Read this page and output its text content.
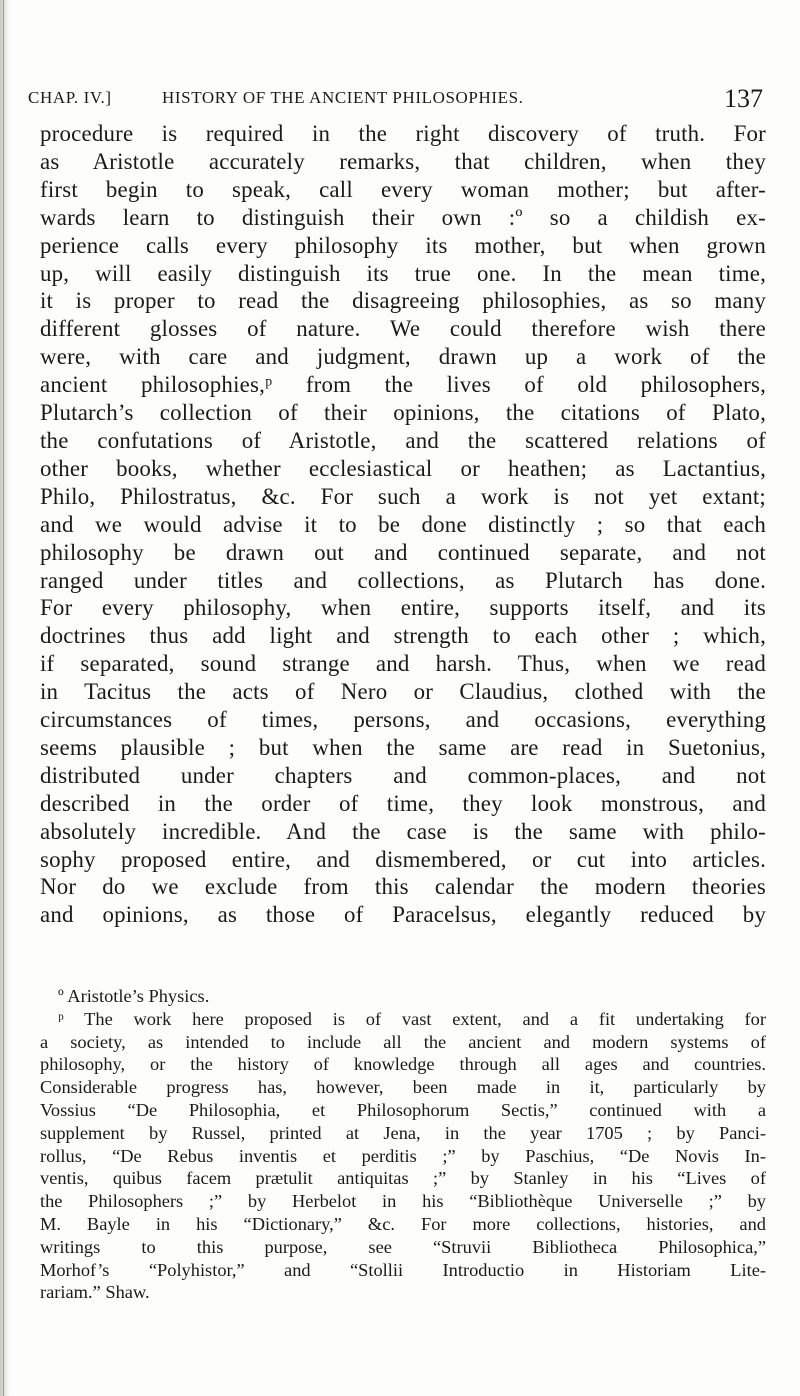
CHAP. IV.]	HISTORY OF THE ANCIENT PHILOSOPHIES.	137
procedure is required in the right discovery of truth. For
as Aristotle accurately remarks, that children, when they
first begin to speak, call every woman mother; but after-
wards learn to distinguish their own :º so a childish ex-
perience calls every philosophy its mother, but when grown
up, will easily distinguish its true one. In the mean time,
it is proper to read the disagreeing philosophies, as so many
different glosses of nature. We could therefore wish there
were, with care and judgment, drawn up a work of the
ancient philosophies,ᵖ from the lives of old philosophers,
Plutarch’s collection of their opinions, the citations of Plato,
the confutations of Aristotle, and the scattered relations of
other books, whether ecclesiastical or heathen; as Lactantius,
Philo, Philostratus, &c. For such a work is not yet extant;
and we would advise it to be done distinctly ; so that each
philosophy be drawn out and continued separate, and not
ranged under titles and collections, as Plutarch has done.
For every philosophy, when entire, supports itself, and its
doctrines thus add light and strength to each other ; which,
if separated, sound strange and harsh. Thus, when we read
in Tacitus the acts of Nero or Claudius, clothed with the
circumstances of times, persons, and occasions, everything
seems plausible ; but when the same are read in Suetonius,
distributed under chapters and common-places, and not
described in the order of time, they look monstrous, and
absolutely incredible. And the case is the same with philo-
sophy proposed entire, and dismembered, or cut into articles.
Nor do we exclude from this calendar the modern theories
and opinions, as those of Paracelsus, elegantly reduced by
º Aristotle’s Physics.
ᵖ The work here proposed is of vast extent, and a fit undertaking for
a society, as intended to include all the ancient and modern systems of
philosophy, or the history of knowledge through all ages and countries.
Considerable progress has, however, been made in it, particularly by
Vossius “De Philosophia, et Philosophorum Sectis,” continued with a
supplement by Russel, printed at Jena, in the year 1705 ; by Panci-
rollus, “De Rebus inventis et perditis ;” by Paschius, “De Novis In-
ventis, quibus facem prætulit antiquitas ;” by Stanley in his “Lives of
the Philosophers ;” by Herbelot in his “Bibliothèque Universelle ;” by
M. Bayle in his “Dictionary,” &c. For more collections, histories, and
writings to this purpose, see “Struvii Bibliotheca Philosophica,”
Morhof’s “Polyhistor,” and “Stollii Introductio in Historiam Lite-
rariam.” Shaw.
